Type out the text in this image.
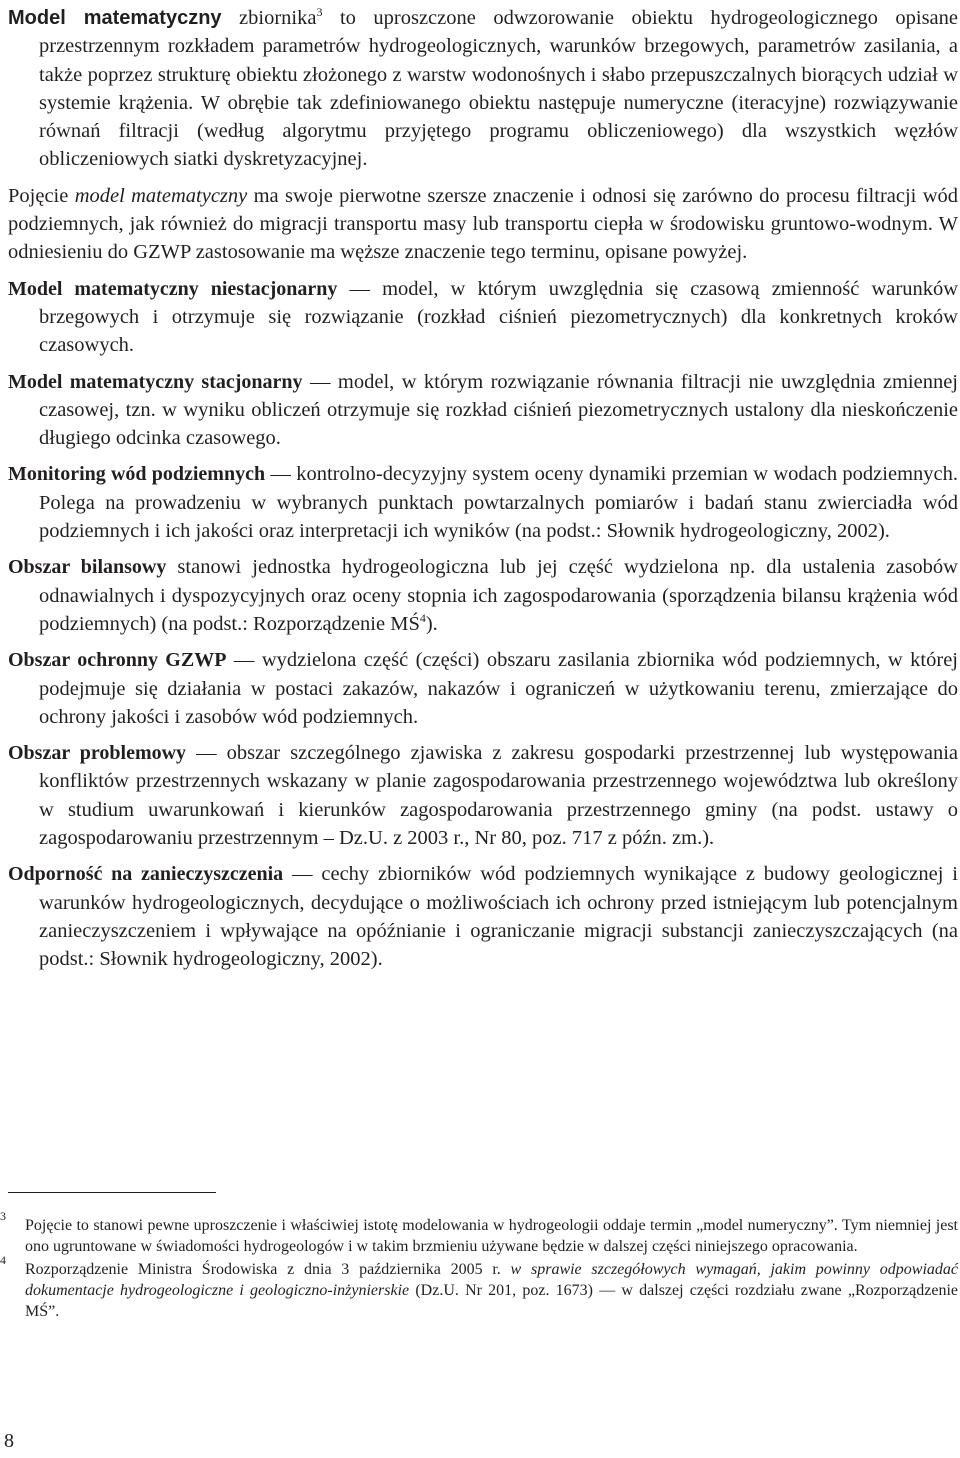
Model matematyczny zbiornika$^3$ to uproszczone odwzorowanie obiektu hydrogeologicznego opisane przestrzennym rozkładem parametrów hydrogeologicznych, warunków brzegowych, parametrów zasilania, a także poprzez strukturę obiektu złożonego z warstw wodonośnych i słabo przepuszczalnych biorących udział w systemie krążenia. W obrębie tak zdefiniowanego obiektu następuje numeryczne (iteracyjne) rozwiązywanie równań filtracji (według algorytmu przyjętego programu obliczeniowego) dla wszystkich węzłów obliczeniowych siatki dyskretyzacyjnej.

Pojęcie model matematyczny ma swoje pierwotne szersze znaczenie i odnosi się zarówno do procesu filtracji wód podziemnych, jak również do migracji transportu masy lub transportu ciepła w środowisku gruntowo-wodnym. W odniesieniu do GZWP zastosowanie ma węższe znaczenie tego terminu, opisane powyżej.

Model matematyczny niestacjonarny — model, w którym uwzględnia się czasową zmienność warunków brzegowych i otrzymuje się rozwiązanie (rozkład ciśnień piezometrycznych) dla konkretnych kroków czasowych.

Model matematyczny stacjonarny — model, w którym rozwiązanie równania filtracji nie uwzględnia zmiennej czasowej, tzn. w wyniku obliczeń otrzymuje się rozkład ciśnień piezometrycznych ustalony dla nieskończenie długiego odcinka czasowego.

Monitoring wód podziemnych — kontrolno-decyzyjny system oceny dynamiki przemian w wodach podziemnych. Polega na prowadzeniu w wybranych punktach powtarzalnych pomiarów i badań stanu zwierciadła wód podziemnych i ich jakości oraz interpretacji ich wyników (na podst.: Słownik hydrogeologiczny, 2002).

Obszar bilansowy stanowi jednostka hydrogeologiczna lub jej część wydzielona np. dla ustalenia zasobów odnawialnych i dyspozycyjnych oraz oceny stopnia ich zagospodarowania (sporządzenia bilansu krążenia wód podziemnych) (na podst.: Rozporządzenie $MŚ^4$).

Obszar ochronny GZWP — wydzielona część (części) obszaru zasilania zbiornika wód podziemnych, w której podejmuje się działania w postaci zakazów, nakazów i ograniczeń w użytkowaniu terenu, zmierzające do ochrony jakości i zasobów wód podziemnych.

Obszar problemowy — obszar szczególnego zjawiska z zakresu gospodarki przestrzennej lub występowania konfliktów przestrzennych wskazany w planie zagospodarowania przestrzennego województwa lub określony w studium uwarunkowań i kierunków zagospodarowania przestrzennego gminy (na podst. ustawy o zagospodarowaniu przestrzennym – Dz.U. z 2003 r., Nr 80, poz. 717 z późn. zm.).

Odporność na zanieczyszczenia — cechy zbiorników wód podziemnych wynikające z budowy geologicznej i warunków hydrogeologicznych, decydujące o możliwościach ich ochrony przed istniejącym lub potencjalnym zanieczyszczeniem i wpływające na opóźnianie i ograniczanie migracji substancji zanieczyszczających (na podst.: Słownik hydrogeologiczny, 2002).

3
Pojęcie to stanowi pewne uproszczenie i właściwiej istotę modelowania w hydrogeologii oddaje termin „model numeryczny”. Tym niemniej jest ono ugruntowane w świadomości hydrogeologów i w takim brzmieniu używane będzie w dalszej części niniejszego opracowania.
4
Rozporządzenie Ministra Środowiska z dnia 3 października 2005 r. w sprawie szczegółowych wymagań, jakim powinny odpowiadać dokumentacje hydrogeologiczne i geologiczno-inżynierskie (Dz.U. Nr 201, poz. 1673) — w dalszej części rozdziału zwane „Rozporządzenie MŚ”.
8
